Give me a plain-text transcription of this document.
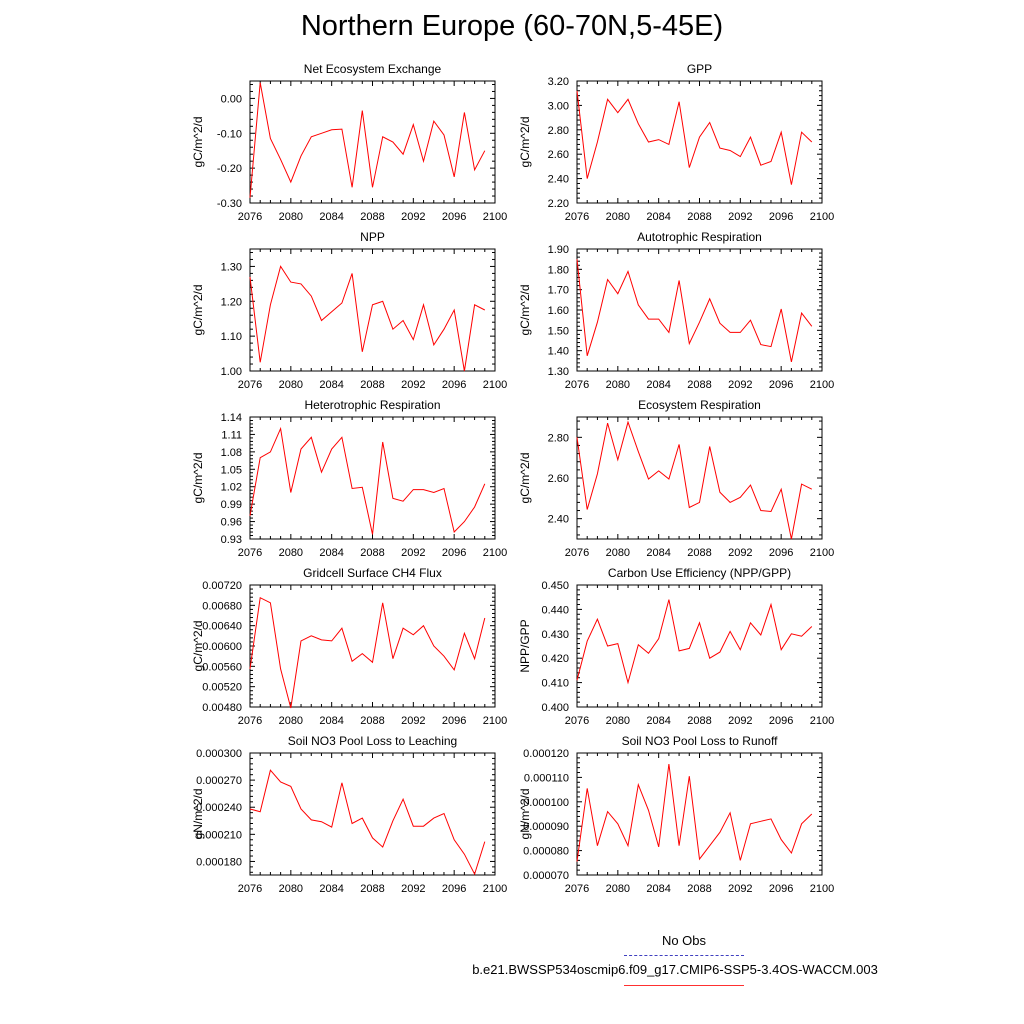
Northern Europe (60-70N,5-45E)
Net Ecosystem Exchange
gC/m^2/d
2076 2080 2084 2088 2092 2096 2100
-0.30
-0.20
-0.10
0.00
GPP
gC/m^2/d
2076 2080 2084 2088 2092 2096 2100
2.20
2.40
2.60
2.80
3.00
3.20
NPP
gC/m^2/d
2076 2080 2084 2088 2092 2096 2100
1.00
1.10
1.20
1.30
Autotrophic Respiration
gC/m^2/d
2076 2080 2084 2088 2092 2096 2100
1.30
1.40
1.50
1.60
1.70
1.80
1.90
Heterotrophic Respiration
gC/m^2/d
2076 2080 2084 2088 2092 2096 2100
0.93
0.96
0.99
1.02
1.05
1.08
1.11
1.14
Ecosystem Respiration
gC/m^2/d
2076 2080 2084 2088 2092 2096 2100
2.40
2.60
2.80
Gridcell Surface CH4 Flux
gC/m^2/d
2076 2080 2084 2088 2092 2096 2100
0.00480
0.00520
0.00560
0.00600
0.00640
0.00680
0.00720
Carbon Use Efficiency (NPP/GPP)
NPP/GPP
2076 2080 2084 2088 2092 2096 2100
0.400
0.410
0.420
0.430
0.440
0.450
Soil NO3 Pool Loss to Leaching
gN/m^2/d
2076 2080 2084 2088 2092 2096 2100
0.000180
0.000210
0.000240
0.000270
0.000300
Soil NO3 Pool Loss to Runoff
gN/m^2/d
2076 2080 2084 2088 2092 2096 2100
0.000070
0.000080
0.000090
0.000100
0.000110
0.000120
No Obs
b.e21.BWSSP534oscmip6.f09_g17.CMIP6-SSP5-3.4OS-WACCM.003
